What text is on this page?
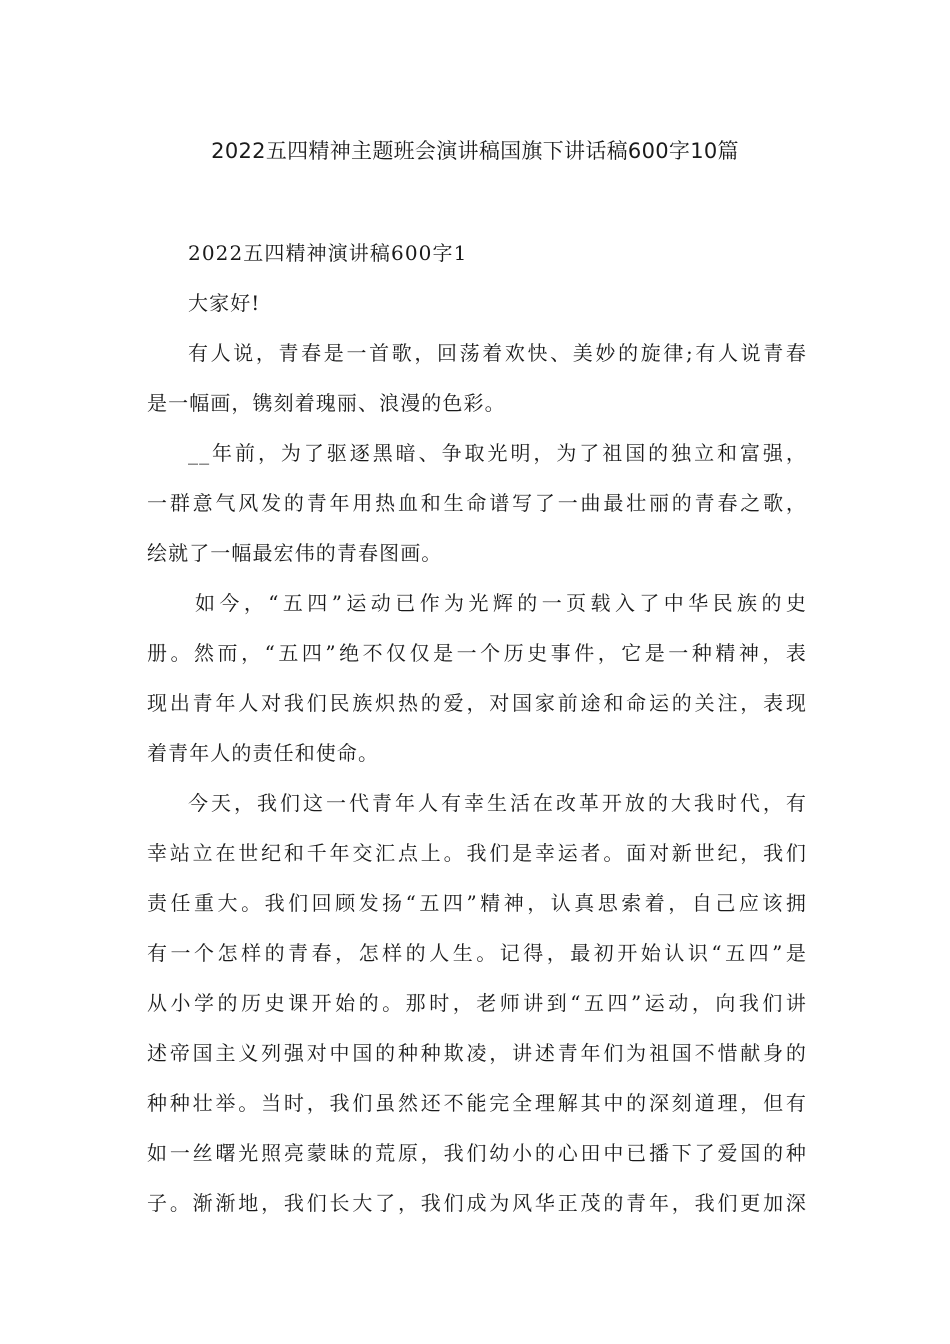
2022五四精神主题班会演讲稿国旗下讲话稿600字10篇
2022五四精神演讲稿600字1
大家好!
有人说，青春是一首歌，回荡着欢快、美妙的旋律;有人说青春
是一幅画，镌刻着瑰丽、浪漫的色彩。
__年前，为了驱逐黑暗、争取光明，为了祖国的独立和富强，
一群意气风发的青年用热血和生命谱写了一曲最壮丽的青春之歌，
绘就了一幅最宏伟的青春图画。
如今，“五四”运动已作为光辉的一页载入了中华民族的史
册。然而，“五四”绝不仅仅是一个历史事件，它是一种精神，表
现出青年人对我们民族炽热的爱，对国家前途和命运的关注，表现
着青年人的责任和使命。
今天，我们这一代青年人有幸生活在改革开放的大我时代，有
幸站立在世纪和千年交汇点上。我们是幸运者。面对新世纪，我们
责任重大。我们回顾发扬“五四”精神，认真思索着，自己应该拥
有一个怎样的青春，怎样的人生。记得，最初开始认识“五四”是
从小学的历史课开始的。那时，老师讲到“五四”运动，向我们讲
述帝国主义列强对中国的种种欺凌，讲述青年们为祖国不惜献身的
种种壮举。当时，我们虽然还不能完全理解其中的深刻道理，但有
如一丝曙光照亮蒙昧的荒原，我们幼小的心田中已播下了爱国的种
子。渐渐地，我们长大了，我们成为风华正茂的青年，我们更加深
